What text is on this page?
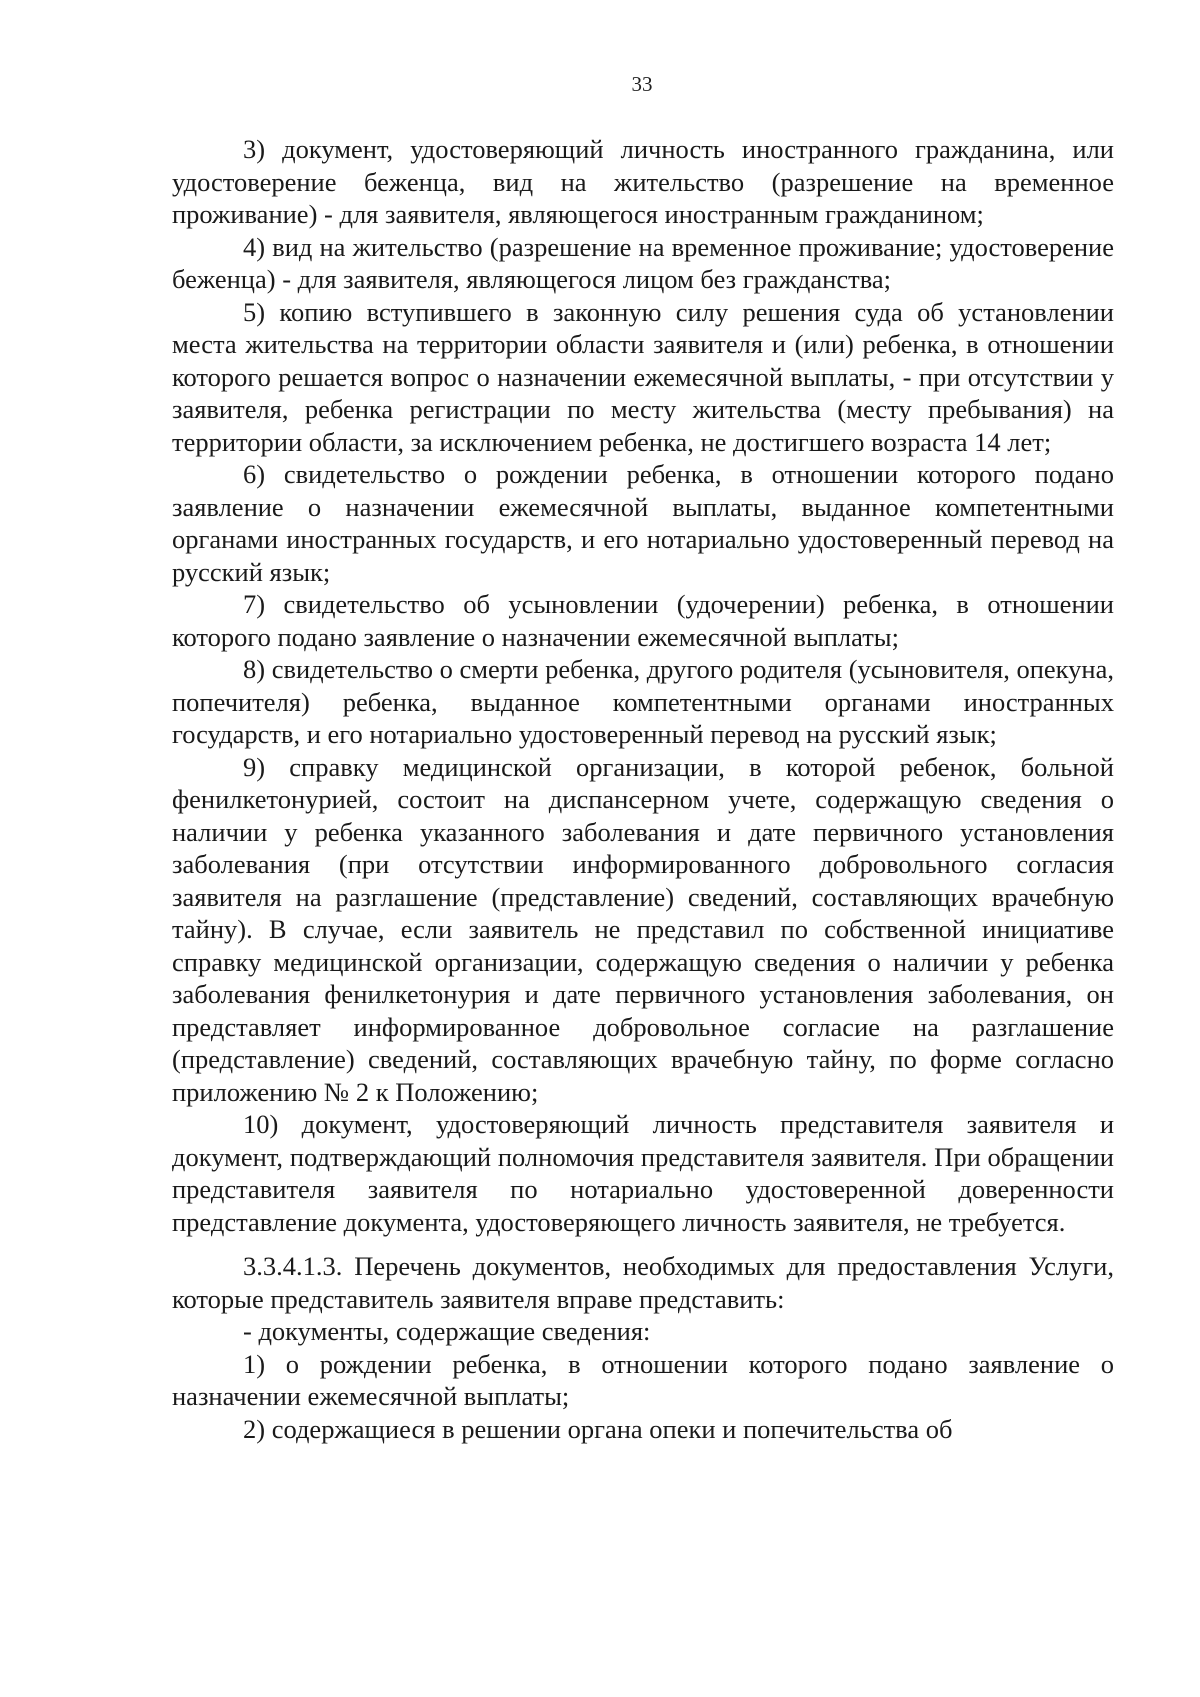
33

3) документ, удостоверяющий личность иностранного гражданина, или удостоверение беженца, вид на жительство (разрешение на временное проживание) - для заявителя, являющегося иностранным гражданином;

4) вид на жительство (разрешение на временное проживание; удостоверение беженца) - для заявителя, являющегося лицом без гражданства;

5) копию вступившего в законную силу решения суда об установлении места жительства на территории области заявителя и (или) ребенка, в отношении которого решается вопрос о назначении ежемесячной выплаты, - при отсутствии у заявителя, ребенка регистрации по месту жительства (месту пребывания) на территории области, за исключением ребенка, не достигшего возраста 14 лет;

6) свидетельство о рождении ребенка, в отношении которого подано заявление о назначении ежемесячной выплаты, выданное компетентными органами иностранных государств, и его нотариально удостоверенный перевод на русский язык;

7) свидетельство об усыновлении (удочерении) ребенка, в отношении которого подано заявление о назначении ежемесячной выплаты;

8) свидетельство о смерти ребенка, другого родителя (усыновителя, опекуна, попечителя) ребенка, выданное компетентными органами иностранных государств, и его нотариально удостоверенный перевод на русский язык;

9) справку медицинской организации, в которой ребенок, больной фенилкетонурией, состоит на диспансерном учете, содержащую сведения о наличии у ребенка указанного заболевания и дате первичного установления заболевания (при отсутствии информированного добровольного согласия заявителя на разглашение (представление) сведений, составляющих врачебную тайну). В случае, если заявитель не представил по собственной инициативе справку медицинской организации, содержащую сведения о наличии у ребенка заболевания фенилкетонурия и дате первичного установления заболевания, он представляет информированное добровольное согласие на разглашение (представление) сведений, составляющих врачебную тайну, по форме согласно приложению № 2 к Положению;

10) документ, удостоверяющий личность представителя заявителя и документ, подтверждающий полномочия представителя заявителя. При обращении представителя заявителя по нотариально удостоверенной доверенности представление документа, удостоверяющего личность заявителя, не требуется.

3.3.4.1.3. Перечень документов, необходимых для предоставления Услуги, которые представитель заявителя вправе представить:

- документы, содержащие сведения:

1) о рождении ребенка, в отношении которого подано заявление о назначении ежемесячной выплаты;

2) содержащиеся в решении органа опеки и попечительства об
